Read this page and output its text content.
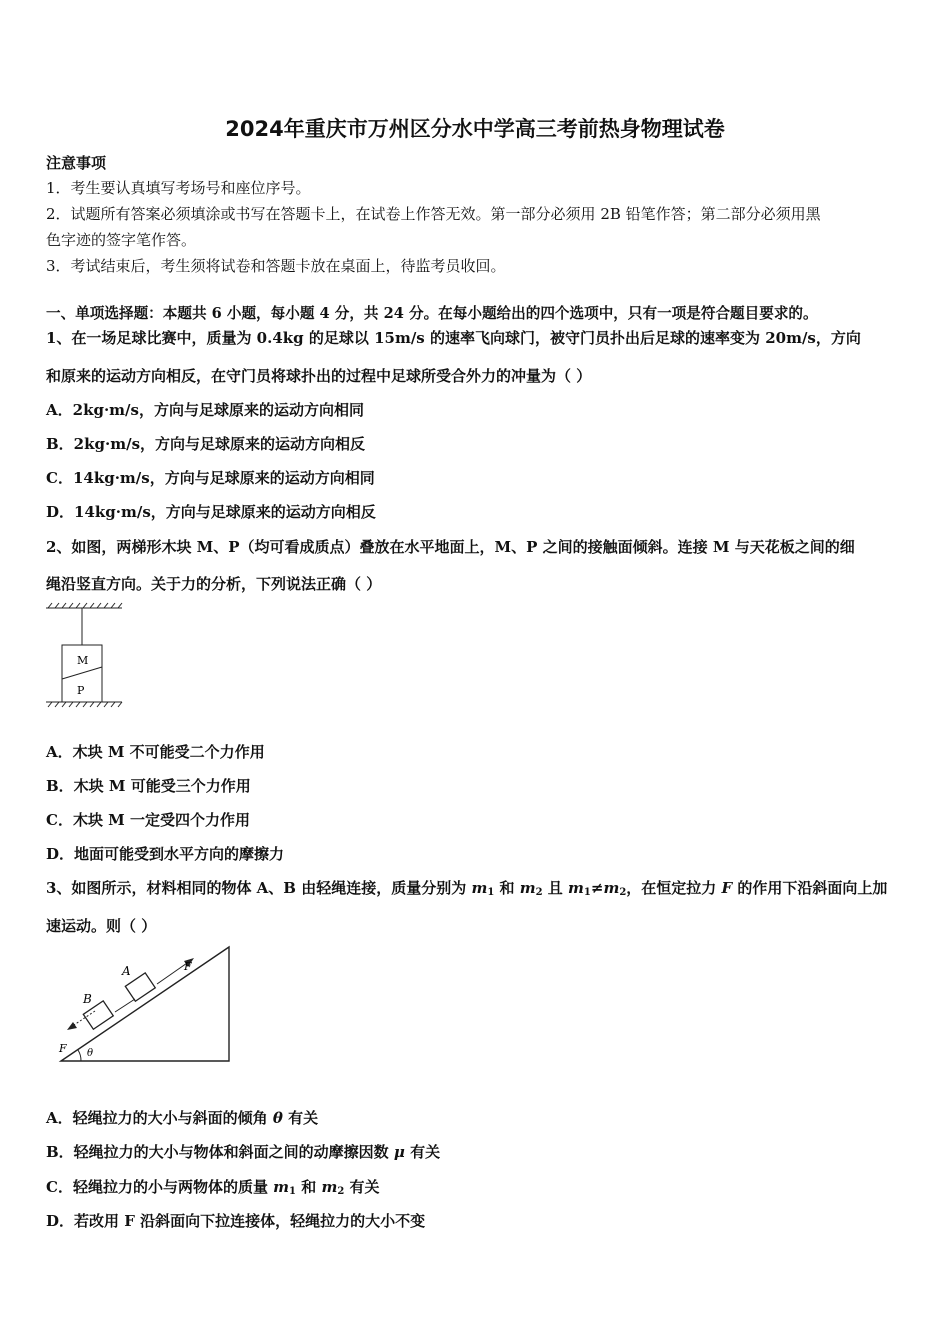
2024年重庆市万州区分水中学高三考前热身物理试卷
注意事项
1．考生要认真填写考场号和座位序号。
2．试题所有答案必须填涂或书写在答题卡上，在试卷上作答无效。第一部分必须用 2B 铅笔作答；第二部分必须用黑
色字迹的签字笔作答。
3．考试结束后，考生须将试卷和答题卡放在桌面上，待监考员收回。
一、单项选择题：本题共 6 小题，每小题 4 分，共 24 分。在每小题给出的四个选项中，只有一项是符合题目要求的。
1、在一场足球比赛中，质量为 0.4kg 的足球以 15m/s 的速率飞向球门，被守门员扑出后足球的速率变为 20m/s，方向
和原来的运动方向相反，在守门员将球扑出的过程中足球所受合外力的冲量为（ ）
A．2kg·m/s，方向与足球原来的运动方向相同
B．2kg·m/s，方向与足球原来的运动方向相反
C．14kg·m/s，方向与足球原来的运动方向相同
D．14kg·m/s，方向与足球原来的运动方向相反
2、如图，两梯形木块 M、P（均可看成质点）叠放在水平地面上，M、P 之间的接触面倾斜。连接 M 与天花板之间的细
绳沿竖直方向。关于力的分析，下列说法正确（ ）
M
P
A．木块 M 不可能受二个力作用
B．木块 M 可能受三个力作用
C．木块 M 一定受四个力作用
D．地面可能受到水平方向的摩擦力
3、如图所示，材料相同的物体 A、B 由轻绳连接，质量分别为 $m_1$ 和 $m_2$ 且 $m_1\ne m_2$，在恒定拉力 F 的作用下沿斜面向上加
速运动。则（ ）
A
B
F
F θ
A．轻绳拉力的大小与斜面的倾角 θ 有关
B．轻绳拉力的大小与物体和斜面之间的动摩擦因数 μ 有关
C．轻绳拉力的小与两物体的质量 $m_1$ 和 $m_2$ 有关
D．若改用 F 沿斜面向下拉连接体，轻绳拉力的大小不变
